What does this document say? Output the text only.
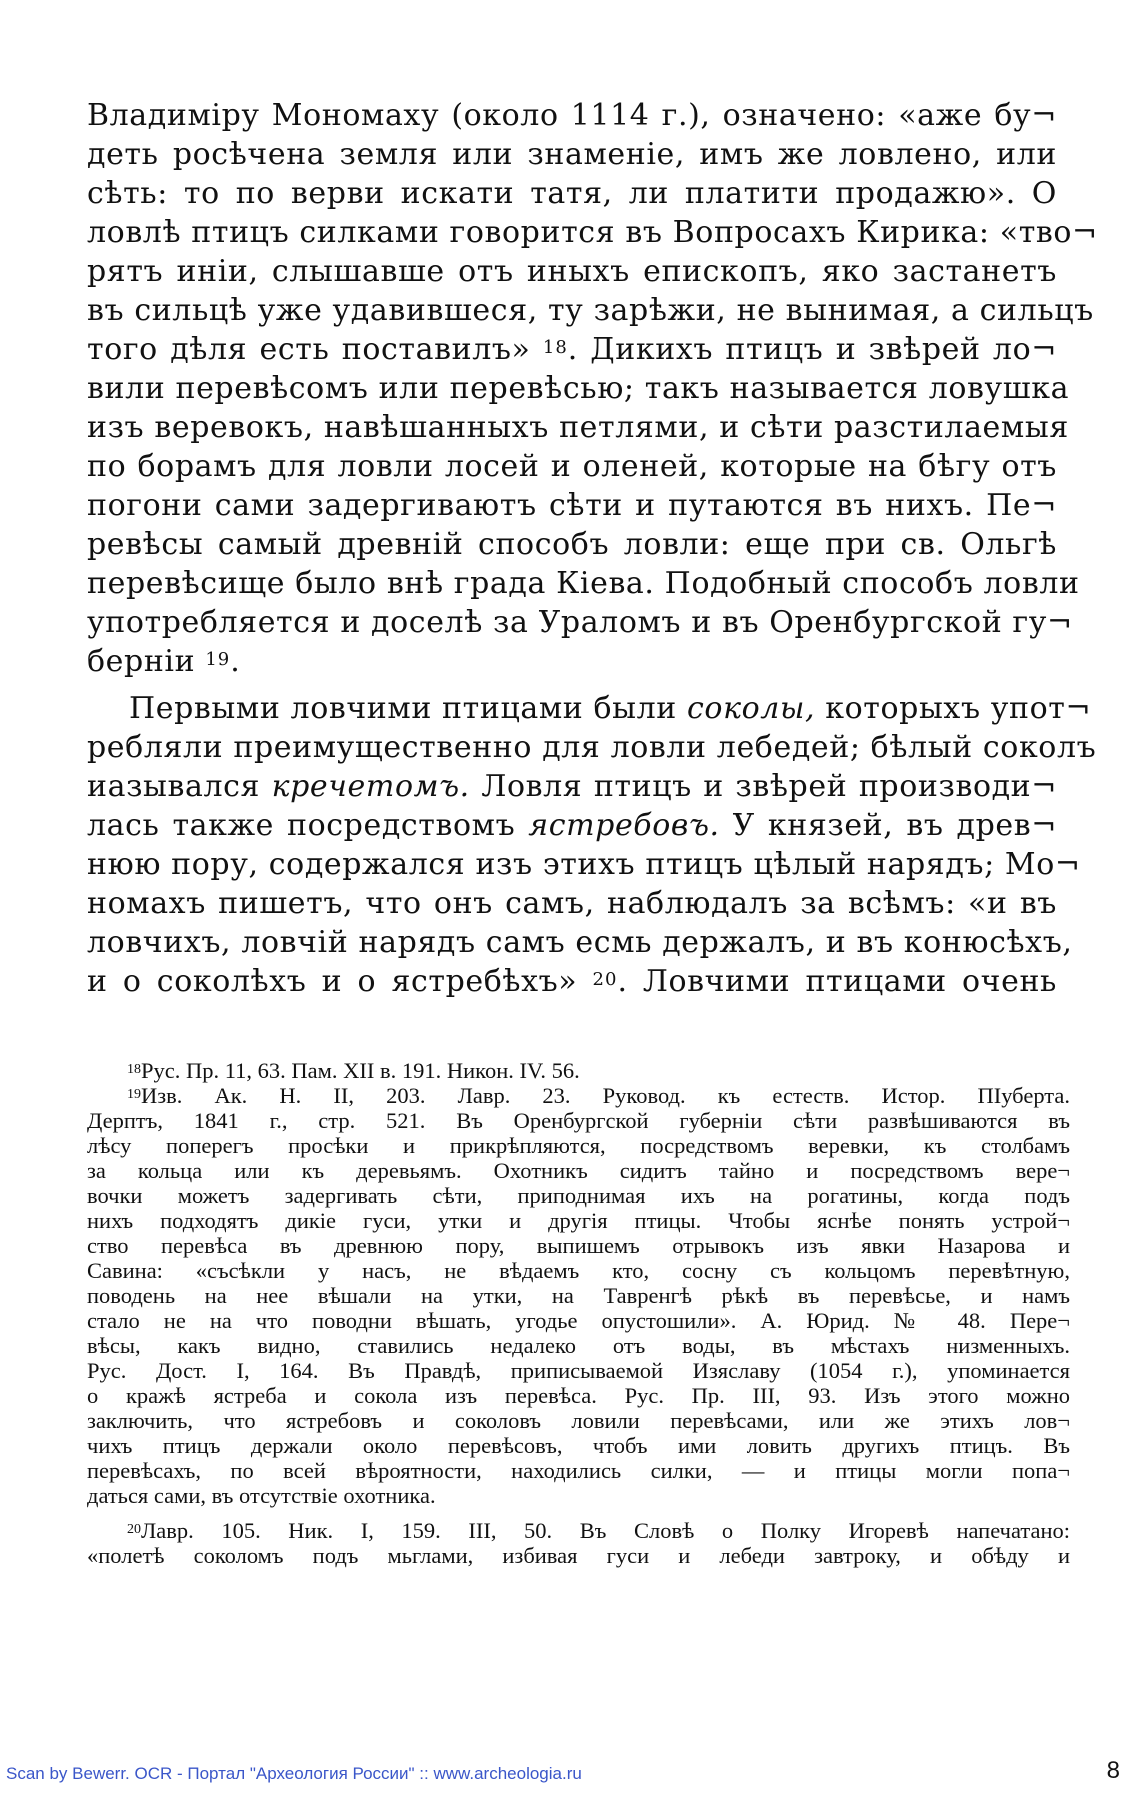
Владиміру Мономаху (около 1114 г.), означено: «аже бу¬
деть росѣчена земля или знаменіе, имъ же ловлено, или
сѣть: то по верви искати татя, ли платити продажю». О
ловлѣ птицъ силками говорится въ Вопросахъ Кирика: «тво¬
рятъ иніи, слышавше отъ иныхъ епископъ, яко застанетъ
въ сильцѣ уже удавившеся, ту зарѣжи, не вынимая, а сильцъ
того дѣля есть поставилъ» $^{18}$. Дикихъ птицъ и звѣрей ло¬
вили перевѣсомъ или перевѣсью; такъ называется ловушка
изъ веревокъ, навѣшанныхъ петлями, и сѣти разстилаемыя
по борамъ для ловли лосей и оленей, которые на бѣгу отъ
погони сами задергиваютъ сѣти и путаются въ нихъ. Пе¬
ревѣсы самый древній способъ ловли: еще при св. Ольгѣ
перевѣсище было внѣ града Кіева. Подобный способъ ловли
употребляется и доселѣ за Ураломъ и въ Оренбургской гу¬
берніи $^{19}$.
Первыми ловчими птицами были соколы, которыхъ упот¬
ребляли преимущественно для ловли лебедей; бѣлый соколъ
иазывался кречетомъ. Ловля птицъ и звѣрей производи¬
лась также посредствомъ ястребовъ. У князей, въ древ¬
нюю пору, содержался изъ этихъ птицъ цѣлый нарядъ; Мо¬
номахъ пишетъ, что онъ самъ, наблюдалъ за всѣмъ: «и въ
ловчихъ, ловчій нарядъ самъ есмь держалъ, и въ конюсѣхъ,
и о соколѣхъ и о ястребѣхъ» $^{20}$. Ловчими птицами очень
$^{18}$Рус. Пр. 11, 63. Пам. XII в. 191. Никон. IV. 56.
$^{19}$Изв. Ак. Н. II, 203. Лавр. 23. Руковод. къ естеств. Истор. ПІуберта.
Дерптъ, 1841 г., стр. 521. Въ Оренбургской губерніи сѣти развѣшиваются въ
лѣсу поперегъ просѣки и прикрѣпляются, посредствомъ веревки, къ столбамъ
за кольца или къ деревьямъ. Охотникъ сидитъ тайно и посредствомъ вере¬
вочки можетъ задергивать сѣти, приподнимая ихъ на рогатины, когда подъ
нихъ подходятъ дикіе гуси, утки и другія птицы. Чтобы яснѣе понять устрой¬
ство перевѣса въ древнюю пору, выпишемъ отрывокъ изъ явки Назарова и
Савина: «съсѣкли у насъ, не вѣдаемъ кто, сосну съ кольцомъ перевѣтную,
поводень на нее вѣшали на утки, на Тавренгѣ рѣкѣ въ перевѣсье, и намъ
стало не на что поводни вѣшать, угодье опустошили». А. Юрид. № 48. Пере¬
вѣсы, какъ видно, ставились недалеко отъ воды, въ мѣстахъ низменныхъ.
Рус. Дост. I, 164. Въ Правдѣ, приписываемой Изяславу (1054 г.), упоминается
о кражѣ ястреба и сокола изъ перевѣса. Рус. Пр. III, 93. Изъ этого можно
заключить, что ястребовъ и соколовъ ловили перевѣсами, или же этихъ лов¬
чихъ птицъ держали около перевѣсовъ, чтобъ ими ловить другихъ птицъ. Въ
перевѣсахъ, по всей вѣроятности, находились силки, — и птицы могли попа¬
даться сами, въ отсутствіе охотника.
$^{20}$Лавр. 105. Ник. I, 159. III, 50. Въ Словѣ о Полку Игоревѣ напечатано:
«полетѣ соколомъ подъ мьглами, избивая гуси и лебеди завтроку, и обѣду и
Scan by Bewerr. OCR - Портал "Археология России" :: www.archeologia.ru	8
